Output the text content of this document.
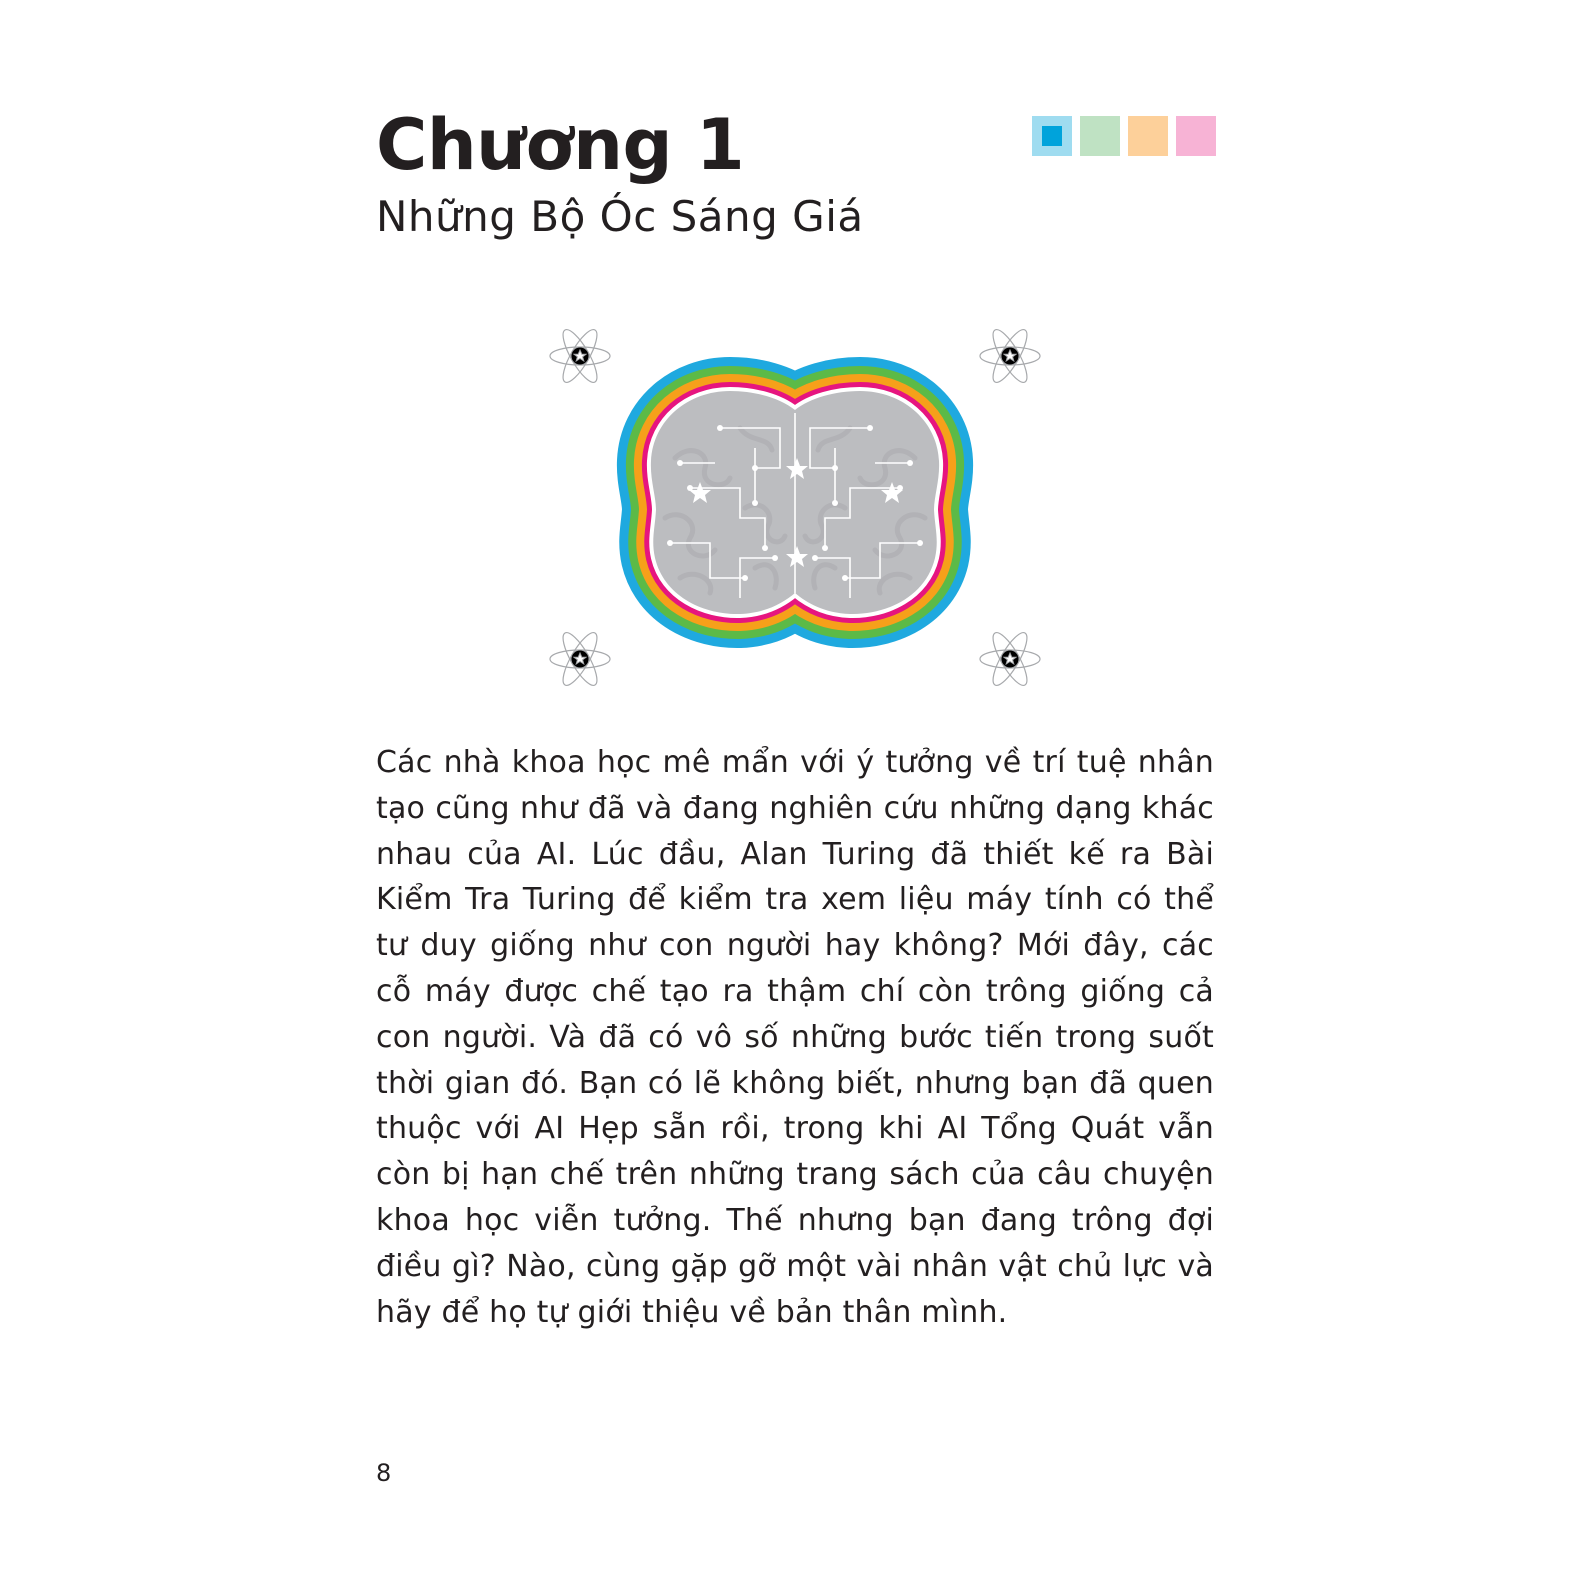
Chương 1
Những Bộ Óc Sáng Giá

Các nhà khoa học mê mẩn với ý tưởng về trí tuệ nhân tạo cũng như đã và đang nghiên cứu những dạng khác nhau của AI. Lúc đầu, Alan Turing đã thiết kế ra Bài Kiểm Tra Turing để kiểm tra xem liệu máy tính có thể tư duy giống như con người hay không? Mới đây, các cỗ máy được chế tạo ra thậm chí còn trông giống cả con người. Và đã có vô số những bước tiến trong suốt thời gian đó. Bạn có lẽ không biết, nhưng bạn đã quen thuộc với AI Hẹp sẵn rồi, trong khi AI Tổng Quát vẫn còn bị hạn chế trên những trang sách của câu chuyện khoa học viễn tưởng. Thế nhưng bạn đang trông đợi điều gì? Nào, cùng gặp gỡ một vài nhân vật chủ lực và hãy để họ tự giới thiệu về bản thân mình.

8
